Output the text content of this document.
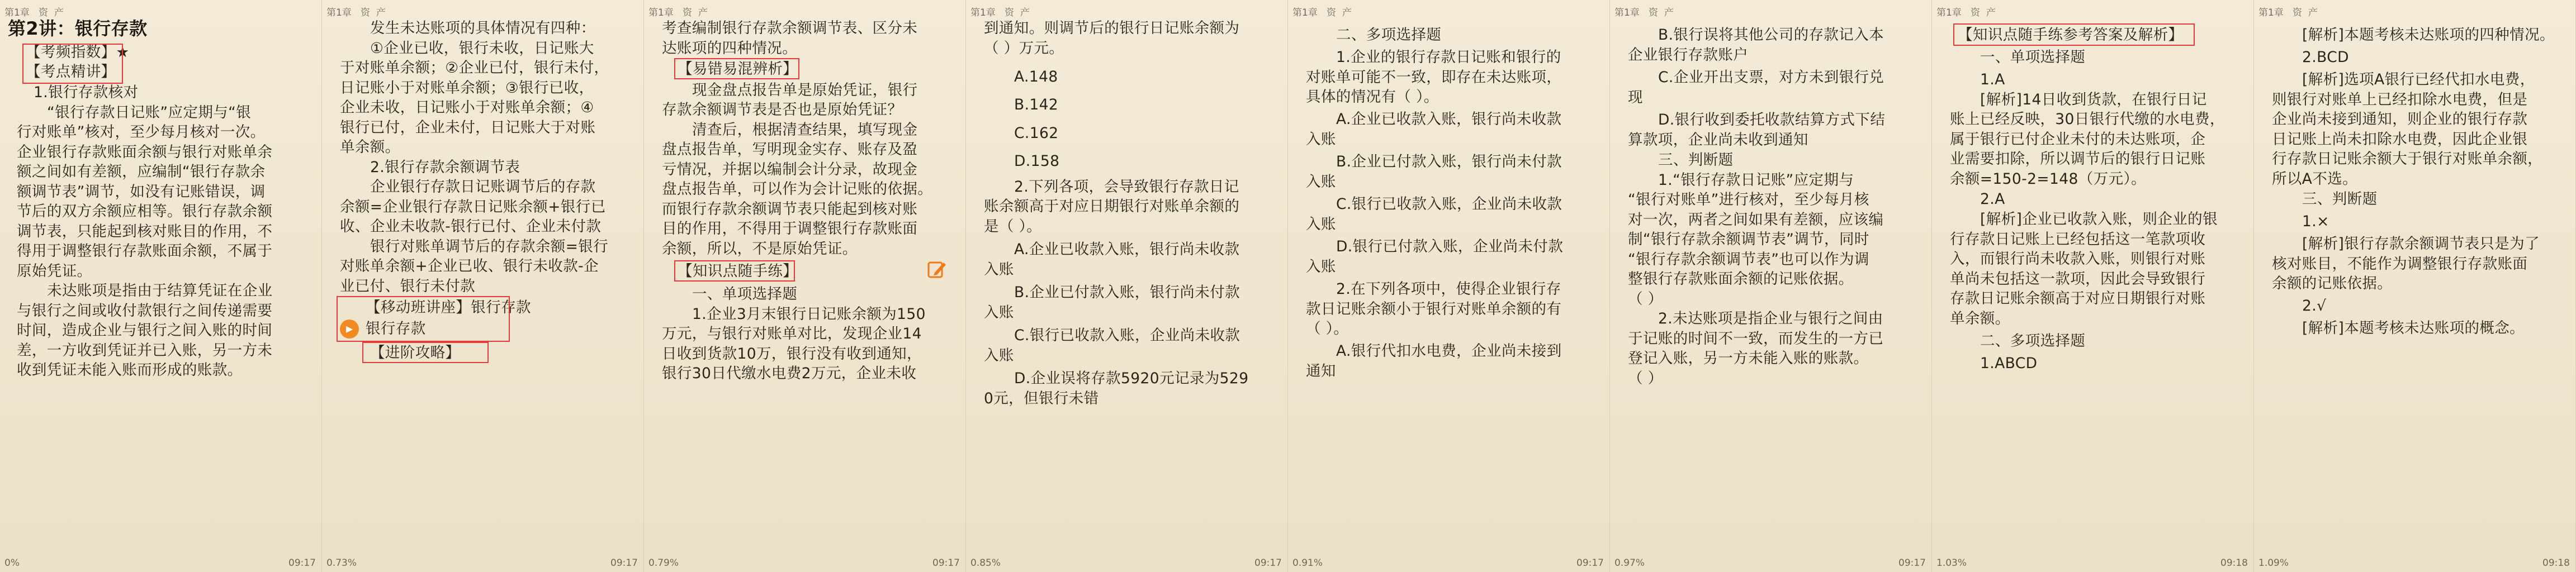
第1章   资  产
第2讲：银行存款
【考频指数】★
【考点精讲】
1.银行存款核对
“银行存款日记账”应定期与“银
行对账单”核对，至少每月核对一次。
企业银行存款账面余额与银行对账单余
额之间如有差额，应编制“银行存款余
额调节表”调节，如没有记账错误，调
节后的双方余额应相等。银行存款余额
调节表，只能起到核对账目的作用，不
得用于调整银行存款账面余额，不属于
原始凭证。
未达账项是指由于结算凭证在企业
与银行之间或收付款银行之间传递需要
时间，造成企业与银行之间入账的时间
差，一方收到凭证并已入账，另一方未
收到凭证未能入账而形成的账款。
0%	09:17
第1章   资  产
发生未达账项的具体情况有四种：
①企业已收，银行未收，日记账大
于对账单余额；②企业已付，银行未付，
日记账小于对账单余额；③银行已收，
企业未收，日记账小于对账单余额；④
银行已付，企业未付，日记账大于对账
单余额。
2.银行存款余额调节表
企业银行存款日记账调节后的存款
余额=企业银行存款日记账余额+银行已
收、企业未收款-银行已付、企业未付款
银行对账单调节后的存款余额=银行
对账单余额+企业已收、银行未收款-企
业已付、银行未付款
【移动班讲座】银行存款
银行存款
【进阶攻略】
▶
0.73%	09:17
第1章   资  产
考查编制银行存款余额调节表、区分未
达账项的四种情况。
【易错易混辨析】
现金盘点报告单是原始凭证，银行
存款余额调节表是否也是原始凭证？
清查后，根据清查结果，填写现金
盘点报告单，写明现金实存、账存及盈
亏情况，并据以编制会计分录，故现金
盘点报告单，可以作为会计记账的依据。
而银行存款余额调节表只能起到核对账
目的作用，不得用于调整银行存款账面
余额，所以，不是原始凭证。
【知识点随手练】
一、单项选择题
1.企业3月末银行日记账余额为150
万元，与银行对账单对比，发现企业14
日收到货款10万，银行没有收到通知，
银行30日代缴水电费2万元，企业未收
0.79%	09:17
第1章   资  产
到通知。则调节后的银行日记账余额为
（ ）万元。
A.148
B.142
C.162
D.158
2.下列各项，会导致银行存款日记
账余额高于对应日期银行对账单余额的
是（ ）。
A.企业已收款入账，银行尚未收款
入账
B.企业已付款入账，银行尚未付款
入账
C.银行已收款入账，企业尚未收款
入账
D.企业误将存款5920元记录为529
0元，但银行未错
0.85%	09:17
第1章   资  产
二、多项选择题
1.企业的银行存款日记账和银行的
对账单可能不一致，即存在未达账项，
具体的情况有（ ）。
A.企业已收款入账，银行尚未收款
入账
B.企业已付款入账，银行尚未付款
入账
C.银行已收款入账，企业尚未收款
入账
D.银行已付款入账，企业尚未付款
入账
2.在下列各项中，使得企业银行存
款日记账余额小于银行对账单余额的有
（ ）。
A.银行代扣水电费，企业尚未接到
通知
0.91%	09:17
第1章   资  产
B.银行误将其他公司的存款记入本
企业银行存款账户
C.企业开出支票，对方未到银行兑
现
D.银行收到委托收款结算方式下结
算款项，企业尚未收到通知
三、判断题
1.“银行存款日记账”应定期与
“银行对账单”进行核对，至少每月核
对一次，两者之间如果有差额，应该编
制“银行存款余额调节表”调节，同时
“银行存款余额调节表”也可以作为调
整银行存款账面余额的记账依据。
（ ）
2.未达账项是指企业与银行之间由
于记账的时间不一致，而发生的一方已
登记入账，另一方未能入账的账款。
（ ）
0.97%	09:17
第1章   资  产
【知识点随手练参考答案及解析】
一、单项选择题
1.A
[解析]14日收到货款，在银行日记
账上已经反映，30日银行代缴的水电费，
属于银行已付企业未付的未达账项，企
业需要扣除，所以调节后的银行日记账
余额=150-2=148（万元）。
2.A
[解析]企业已收款入账，则企业的银
行存款日记账上已经包括这一笔款项收
入，而银行尚未收款入账，则银行对账
单尚未包括这一款项，因此会导致银行
存款日记账余额高于对应日期银行对账
单余额。
二、多项选择题
1.ABCD
1.03%	09:18
第1章   资  产
[解析]本题考核未达账项的四种情况。
2.BCD
[解析]选项A银行已经代扣水电费，
则银行对账单上已经扣除水电费，但是
企业尚未接到通知，则企业的银行存款
日记账上尚未扣除水电费，因此企业银
行存款日记账余额大于银行对账单余额，
所以A不选。
三、判断题
1.×
[解析]银行存款余额调节表只是为了
核对账目，不能作为调整银行存款账面
余额的记账依据。
2.√
[解析]本题考核未达账项的概念。
1.09%	09:18
